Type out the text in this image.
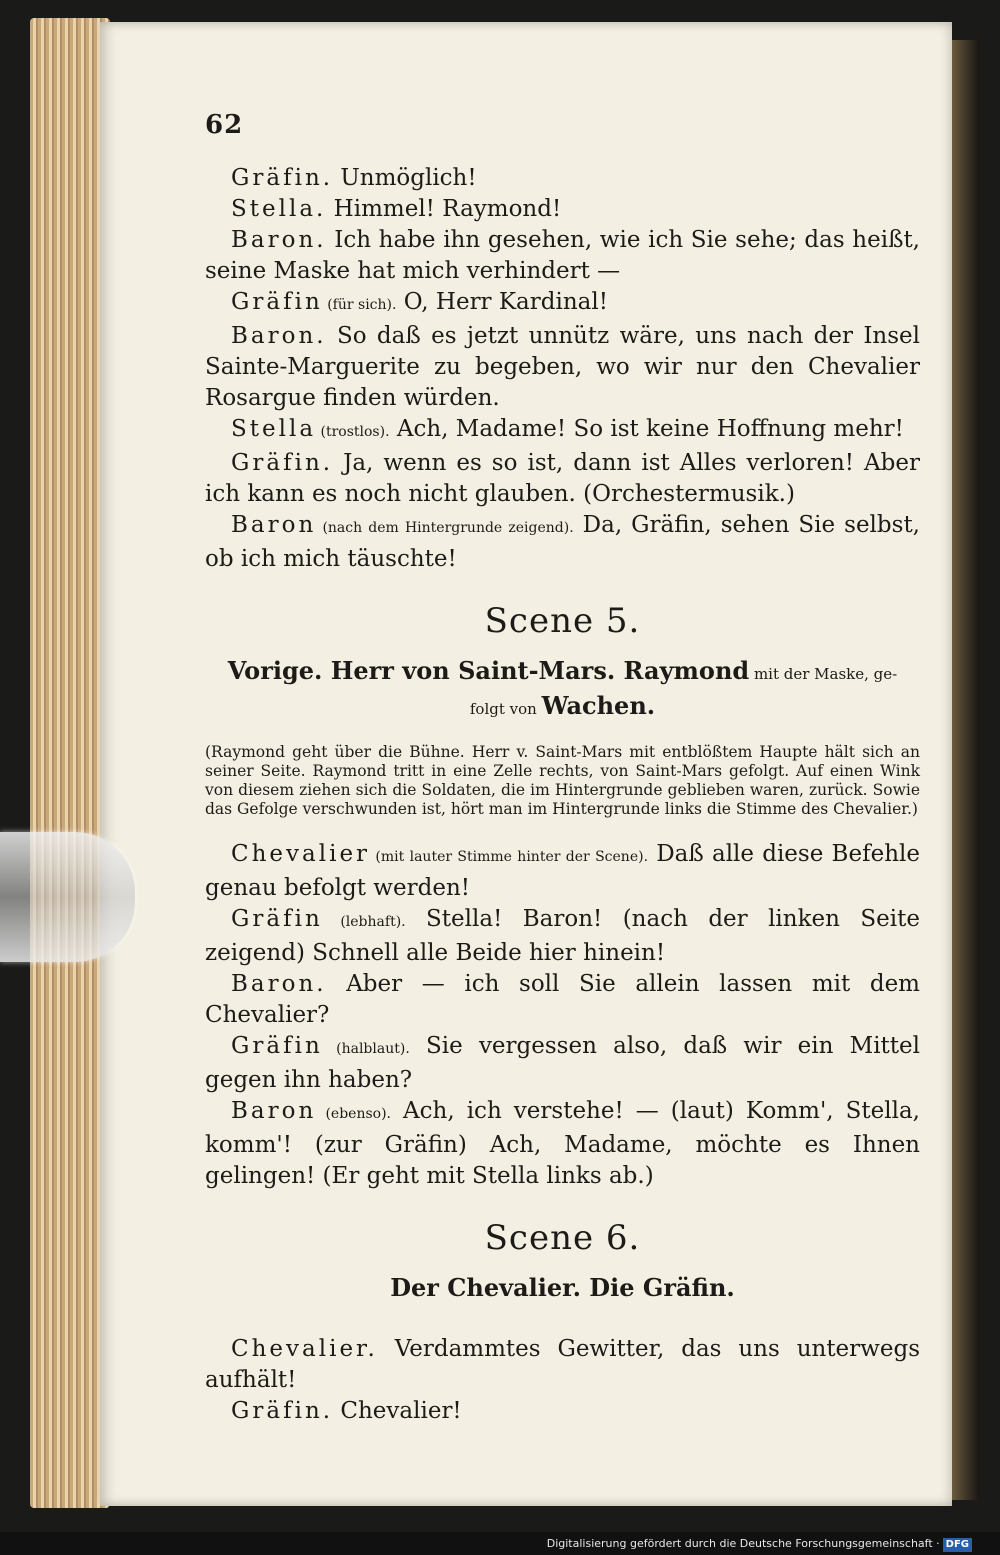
62

Gräfin. Unmöglich!

Stella. Himmel! Raymond!

Baron. Ich habe ihn gesehen, wie ich Sie sehe; das heißt, seine Maske hat mich verhindert —

Gräfin (für sich). O, Herr Kardinal!

Baron. So daß es jetzt unnütz wäre, uns nach der Insel Sainte-Marguerite zu begeben, wo wir nur den Chevalier Rosargue finden würden.

Stella (trostlos). Ach, Madame! So ist keine Hoffnung mehr!

Gräfin. Ja, wenn es so ist, dann ist Alles verloren! Aber ich kann es noch nicht glauben. (Orchestermusik.)

Baron (nach dem Hintergrunde zeigend). Da, Gräfin, sehen Sie selbst, ob ich mich täuschte!

Scene 5.
Vorige. Herr von Saint-Mars. Raymond mit der Maske, ge-
folgt von Wachen.

(Raymond geht über die Bühne. Herr v. Saint-Mars mit entblößtem Haupte hält sich an seiner Seite. Raymond tritt in eine Zelle rechts, von Saint-Mars gefolgt. Auf einen Wink von diesem ziehen sich die Soldaten, die im Hintergrunde geblieben waren, zurück. Sowie das Gefolge verschwunden ist, hört man im Hintergrunde links die Stimme des Chevalier.)

Chevalier (mit lauter Stimme hinter der Scene). Daß alle diese Befehle genau befolgt werden!

Gräfin (lebhaft). Stella! Baron! (nach der linken Seite zeigend) Schnell alle Beide hier hinein!

Baron. Aber — ich soll Sie allein lassen mit dem Chevalier?

Gräfin (halblaut). Sie vergessen also, daß wir ein Mittel gegen ihn haben?

Baron (ebenso). Ach, ich verstehe! — (laut) Komm', Stella, komm'! (zur Gräfin) Ach, Madame, möchte es Ihnen gelingen! (Er geht mit Stella links ab.)

Scene 6.
Der Chevalier. Die Gräfin.

Chevalier. Verdammtes Gewitter, das uns unterwegs aufhält!

Gräfin. Chevalier!

Digitalisierung gefördert durch die Deutsche Forschungsgemeinschaft · DFG
